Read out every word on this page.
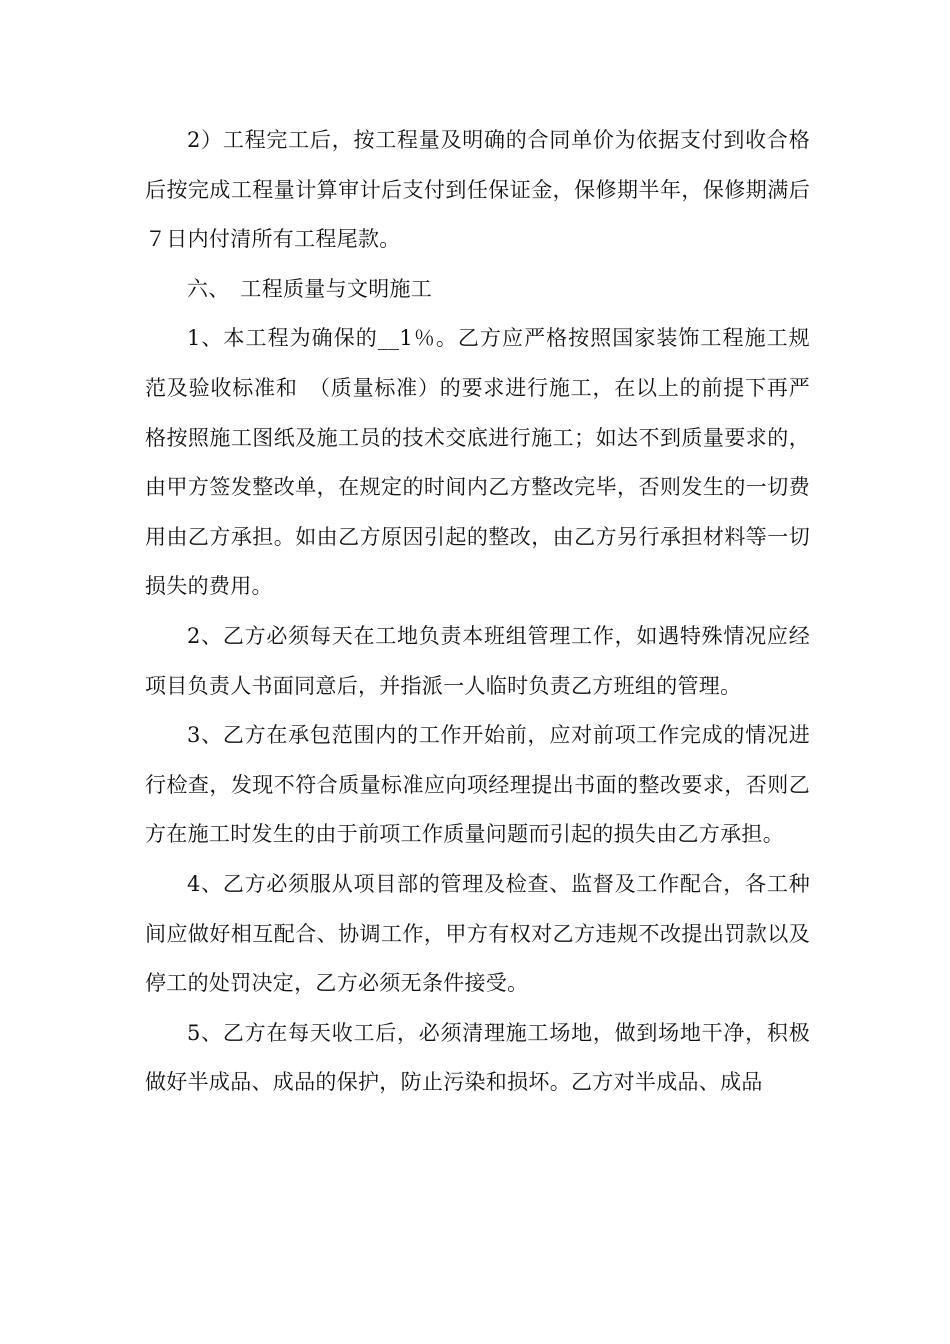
2）工程完工后，按工程量及明确的合同单价为依据支付到收合格后按完成工程量计算审计后支付到任保证金，保修期半年，保修期满后７日内付清所有工程尾款。

六、　工程质量与文明施工

1、本工程为确保的__1％。乙方应严格按照国家装饰工程施工规范及验收标准和　（质量标准）的要求进行施工，在以上的前提下再严格按照施工图纸及施工员的技术交底进行施工；如达不到质量要求的，由甲方签发整改单，在规定的时间内乙方整改完毕，否则发生的一切费用由乙方承担。如由乙方原因引起的整改，由乙方另行承担材料等一切损失的费用。

2、乙方必须每天在工地负责本班组管理工作，如遇特殊情况应经项目负责人书面同意后，并指派一人临时负责乙方班组的管理。

3、乙方在承包范围内的工作开始前，应对前项工作完成的情况进行检查，发现不符合质量标准应向项经理提出书面的整改要求，否则乙方在施工时发生的由于前项工作质量问题而引起的损失由乙方承担。

4、乙方必须服从项目部的管理及检查、监督及工作配合，各工种间应做好相互配合、协调工作，甲方有权对乙方违规不改提出罚款以及停工的处罚决定，乙方必须无条件接受。

5、乙方在每天收工后，必须清理施工场地，做到场地干净，积极做好半成品、成品的保护，防止污染和损坏。乙方对半成品、成品
